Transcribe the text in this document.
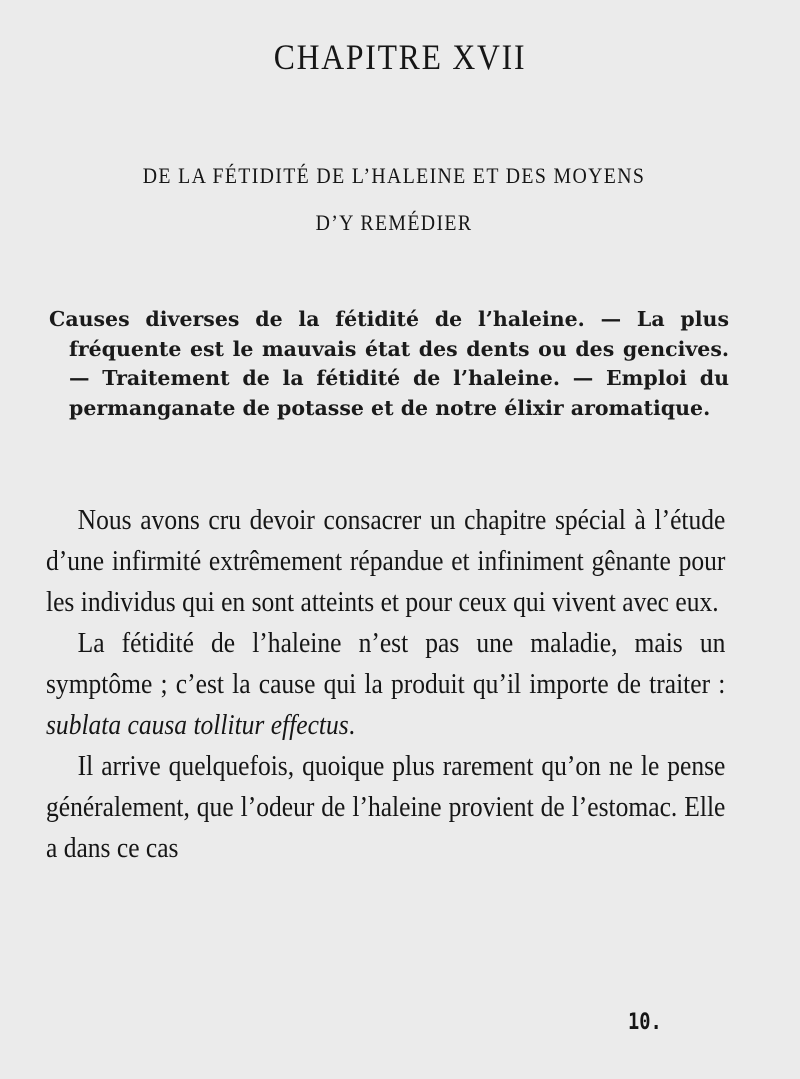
CHAPITRE XVII
DE LA FÉTIDITÉ DE L’HALEINE ET DES MOYENS
D’Y REMÉDIER
Causes diverses de la fétidité de l’haleine. — La plus fréquente est le mauvais état des dents ou des gencives. — Traitement de la fétidité de l’haleine. — Emploi du permanganate de potasse et de notre élixir aromatique.

Nous avons cru devoir consacrer un chapitre spécial à l’étude d’une infirmité extrêmement répandue et infiniment gênante pour les individus qui en sont atteints et pour ceux qui vivent avec eux.

La fétidité de l’haleine n’est pas une maladie, mais un symptôme ; c’est la cause qui la produit qu’il importe de traiter : sublata causa tollitur effectus.

Il arrive quelquefois, quoique plus rarement qu’on ne le pense généralement, que l’odeur de l’haleine provient de l’estomac. Elle a dans ce cas

10.
